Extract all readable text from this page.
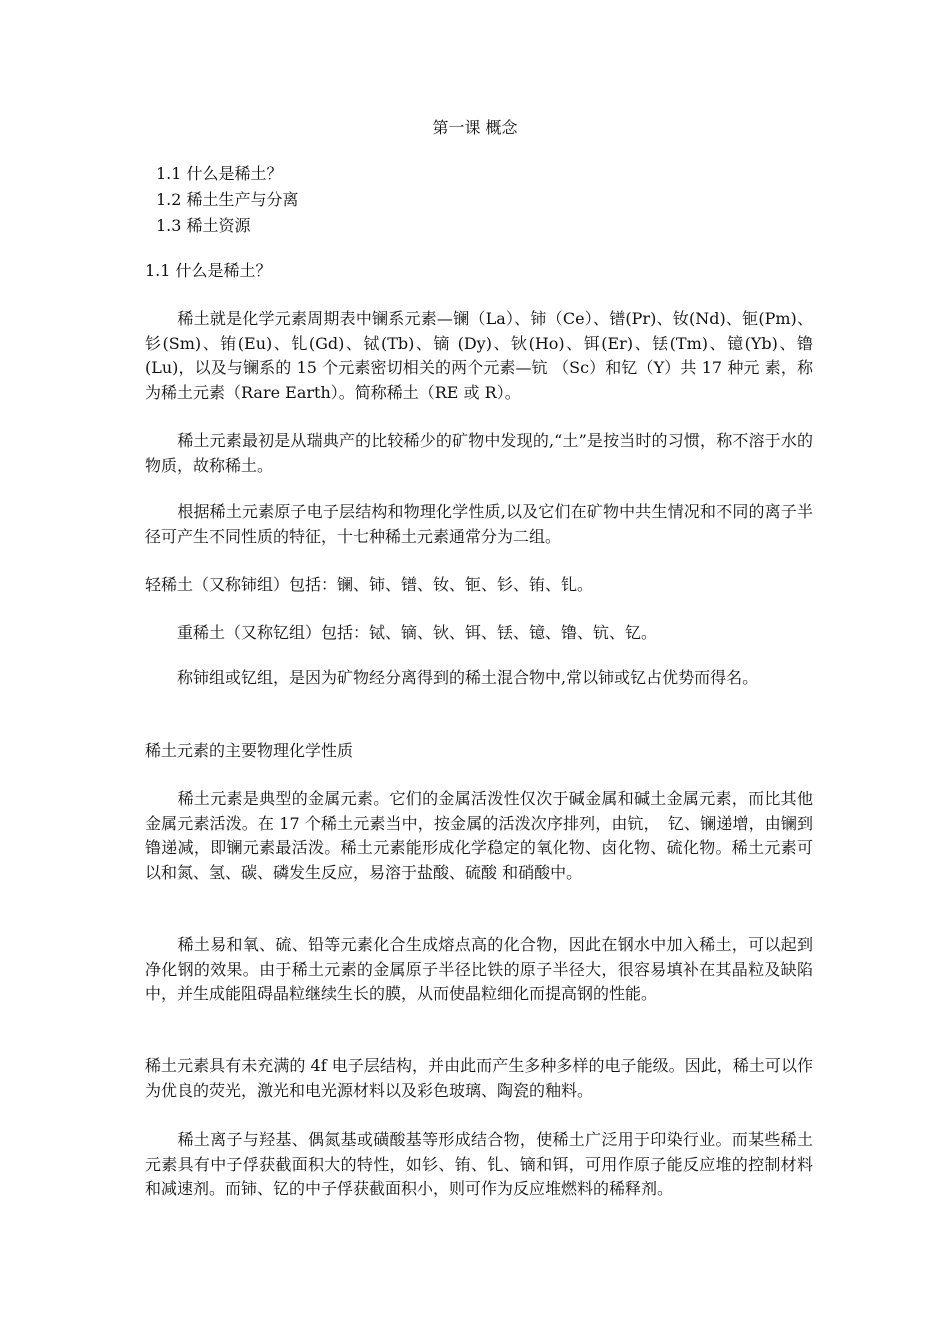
第一课 概念
1.1 什么是稀土？
1.2 稀土生产与分离
1.3 稀土资源
1.1 什么是稀土？
　　稀土就是化学元素周期表中镧系元素—镧（La）、铈（Ce）、镨(Pr)、钕(Nd)、钷(Pm)、钐(Sm)、铕(Eu)、钆(Gd)、铽(Tb)、镝 (Dy)、钬(Ho)、铒(Er)、铥(Tm)、镱(Yb)、镥(Lu)，以及与镧系的 15 个元素密切相关的两个元素—钪 （Sc）和钇（Y）共 17 种元 素，称为稀土元素（Rare Earth）。简称稀土（RE 或 R）。
　　稀土元素最初是从瑞典产的比较稀少的矿物中发现的,“土”是按当时的习惯，称不溶于水的物质，故称稀土。
　　根据稀土元素原子电子层结构和物理化学性质,以及它们在矿物中共生情况和不同的离子半径可产生不同性质的特征，十七种稀土元素通常分为二组。
轻稀土（又称铈组）包括：镧、铈、镨、钕、钷、钐、铕、钆。
　　重稀土（又称钇组）包括：铽、镝、钬、铒、铥、镱、镥、钪、钇。
　　称铈组或钇组，是因为矿物经分离得到的稀土混合物中,常以铈或钇占优势而得名。
稀土元素的主要物理化学性质
　　稀土元素是典型的金属元素。它们的金属活泼性仅次于碱金属和碱土金属元素，而比其他金属元素活泼。在 17 个稀土元素当中，按金属的活泼次序排列，由钪，　钇、镧递增，由镧到镥递减，即镧元素最活泼。稀土元素能形成化学稳定的氧化物、卤化物、硫化物。稀土元素可以和氮、氢、碳、磷发生反应，易溶于盐酸、硫酸 和硝酸中。
　　稀土易和氧、硫、铅等元素化合生成熔点高的化合物，因此在钢水中加入稀土，可以起到净化钢的效果。由于稀土元素的金属原子半径比铁的原子半径大，很容易填补在其晶粒及缺陷中，并生成能阻碍晶粒继续生长的膜，从而使晶粒细化而提高钢的性能。
稀土元素具有未充满的 4f 电子层结构，并由此而产生多种多样的电子能级。因此，稀土可以作为优良的荧光，激光和电光源材料以及彩色玻璃、陶瓷的釉料。
　　稀土离子与羟基、偶氮基或磺酸基等形成结合物，使稀土广泛用于印染行业。而某些稀土元素具有中子俘获截面积大的特性，如钐、铕、钆、镝和铒，可用作原子能反应堆的控制材料和减速剂。而铈、钇的中子俘获截面积小，则可作为反应堆燃料的稀释剂。
